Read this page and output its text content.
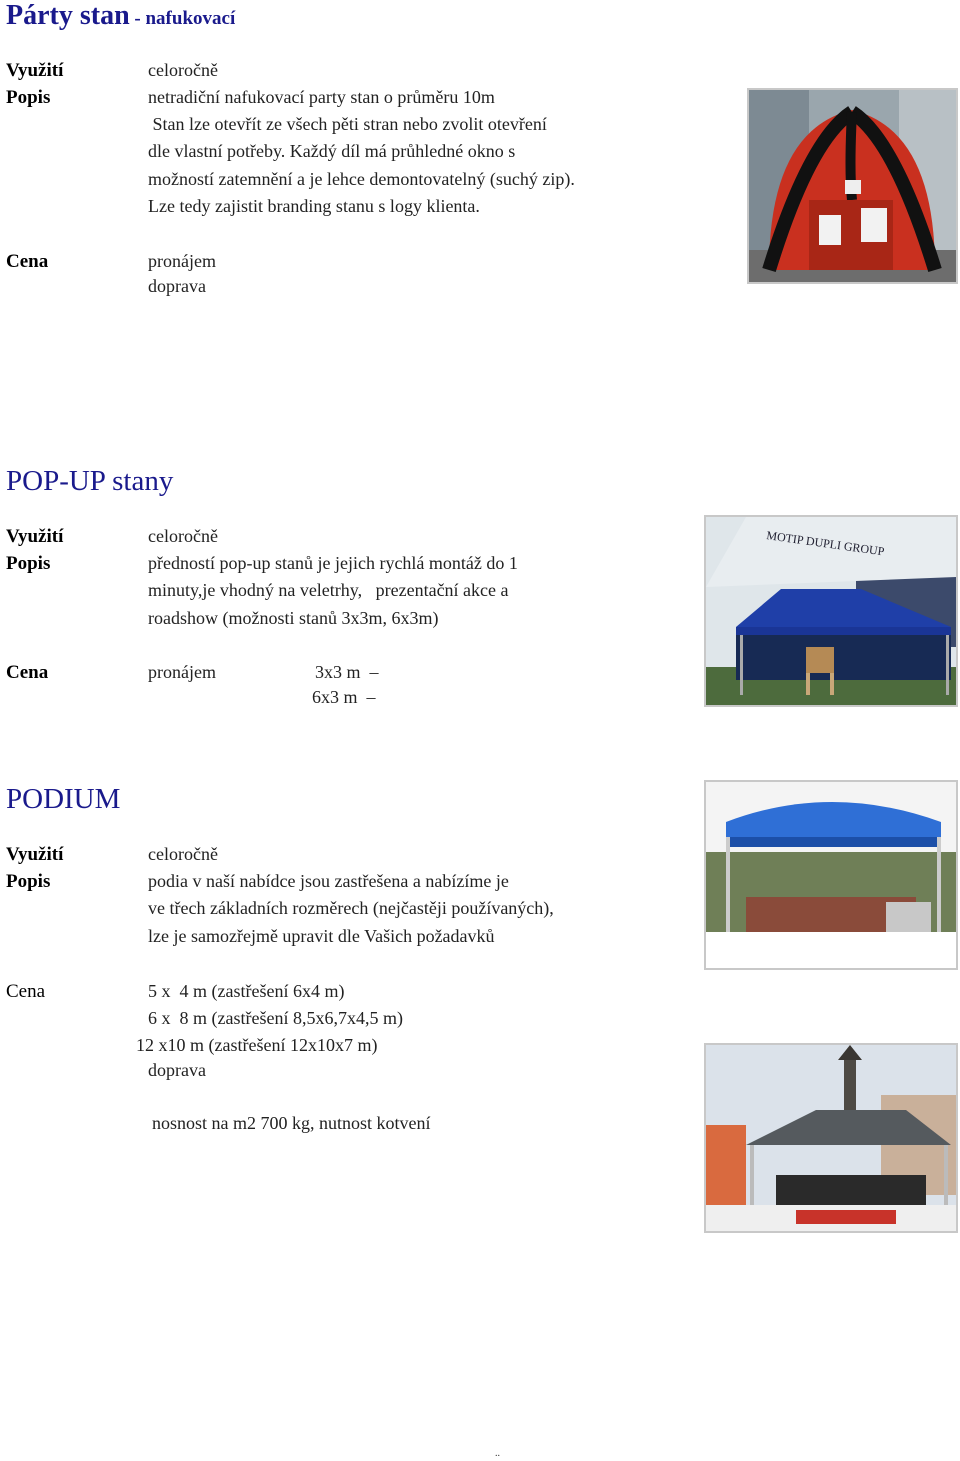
Párty stan - nafukovací
Využití	celoročně
Popis	netradiční nafukovací party stan o průměru 10m
Stan lze otevřít ze všech pěti stran nebo zvolit otevření
dle vlastní potřeby. Každý díl má průhledné okno s
možností zatemnění a je lehce demontovatelný (suchý zip).
Lze tedy zajistit branding stanu s logy klienta.
Cena	pronájem
doprava
POP-UP stany
Využití	celoročně
Popis	předností pop-up stanů je jejich rychlá montáž do 1
minuty,je vhodný na veletrhy,   prezentační akce a
roadshow (možnosti stanů 3x3m, 6x3m)
Cena	pronájem	3x3 m  –
6x3 m  –
MOTIP DUPLI GROUP
PODIUM
Využití	celoročně
Popis	podia v naší nabídce jsou zastřešena a nabízíme je
ve třech základních rozměrech (nejčastěji používaných),
lze je samozřejmě upravit dle Vašich požadavků
Cena	5 x  4 m (zastřešení 6x4 m)
6 x  8 m (zastřešení 8,5x6,7x4,5 m)
12 x10 m (zastřešení 12x10x7 m)
doprava
nosnost na m2 700 kg, nutnost kotvení
..
